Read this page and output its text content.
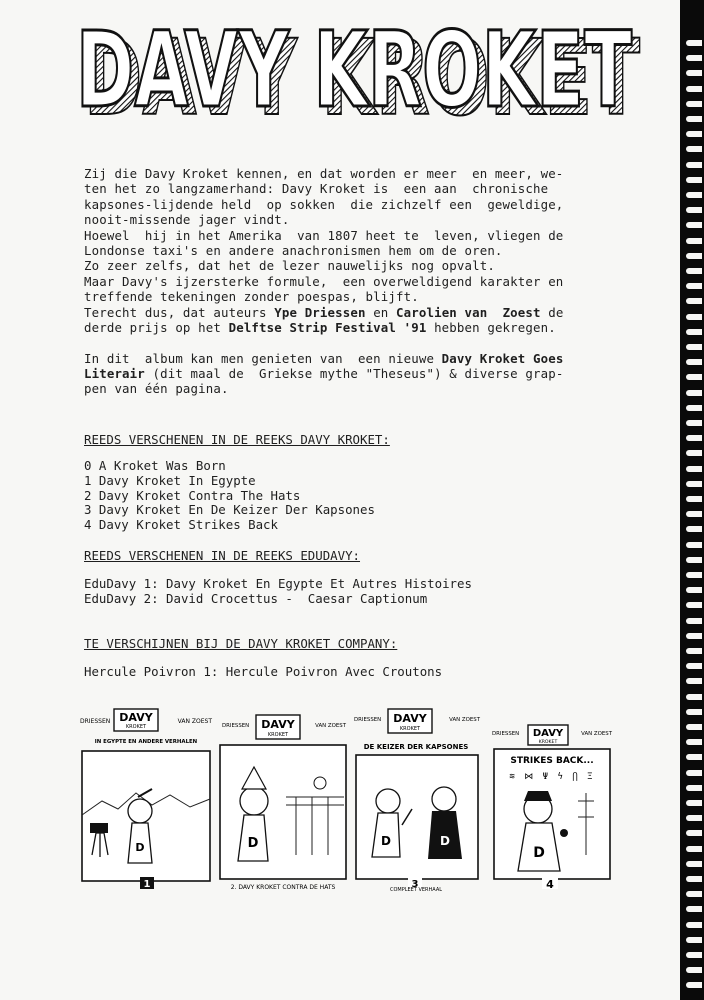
DAVY KROKET
DAVY KROKET
Zij die Davy Kroket kennen, en dat worden er meer  en meer, we-
ten het zo langzamerhand: Davy Kroket is  een aan  chronische
kapsones-lijdende held  op sokken  die zichzelf een  geweldige,
nooit-missende jager vindt.
Hoewel  hij in het Amerika  van 1807 heet te  leven, vliegen de
Londonse taxi's en andere anachronismen hem om de oren.
Zo zeer zelfs, dat het de lezer nauwelijks nog opvalt.
Maar Davy's ijzersterke formule,  een overweldigend karakter en
treffende tekeningen zonder poespas, blijft.
Terecht dus, dat auteurs Ype Driessen en Carolien van  Zoest de
derde prijs op het Delftse Strip Festival '91 hebben gekregen.
In dit  album kan men genieten van  een nieuwe Davy Kroket Goes
Literair (dit maal de  Griekse mythe "Theseus") & diverse grap-
pen van één pagina.
REEDS VERSCHENEN IN DE REEKS DAVY KROKET:
0 A Kroket Was Born
1 Davy Kroket In Egypte
2 Davy Kroket Contra The Hats
3 Davy Kroket En De Keizer Der Kapsones
4 Davy Kroket Strikes Back
REEDS VERSCHENEN IN DE REEKS EDUDAVY:
EduDavy 1: Davy Kroket En Egypte Et Autres Histoires
EduDavy 2: David Crocettus -  Caesar Captionum
TE VERSCHIJNEN BIJ DE DAVY KROKET COMPANY:
Hercule Poivron 1: Hercule Poivron Avec Croutons
DRIESSEN DAVY
KROKET
VAN ZOEST
IN EGYPTE EN ANDERE VERHALEN
D
1
DRIESSEN DAVY
KROKET
VAN ZOEST
D
2. DAVY KROKET CONTRA DE HATS
DRIESSEN DAVY
KROKET
VAN ZOEST
DE KEIZER DER KAPSONES
D	D
3
COMPLEET VERHAAL
DRIESSEN DAVY
KROKET
VAN ZOEST
STRIKES BACK...
≋ ⋈ Ψ ϟ ⋂ Ξ
D
4
